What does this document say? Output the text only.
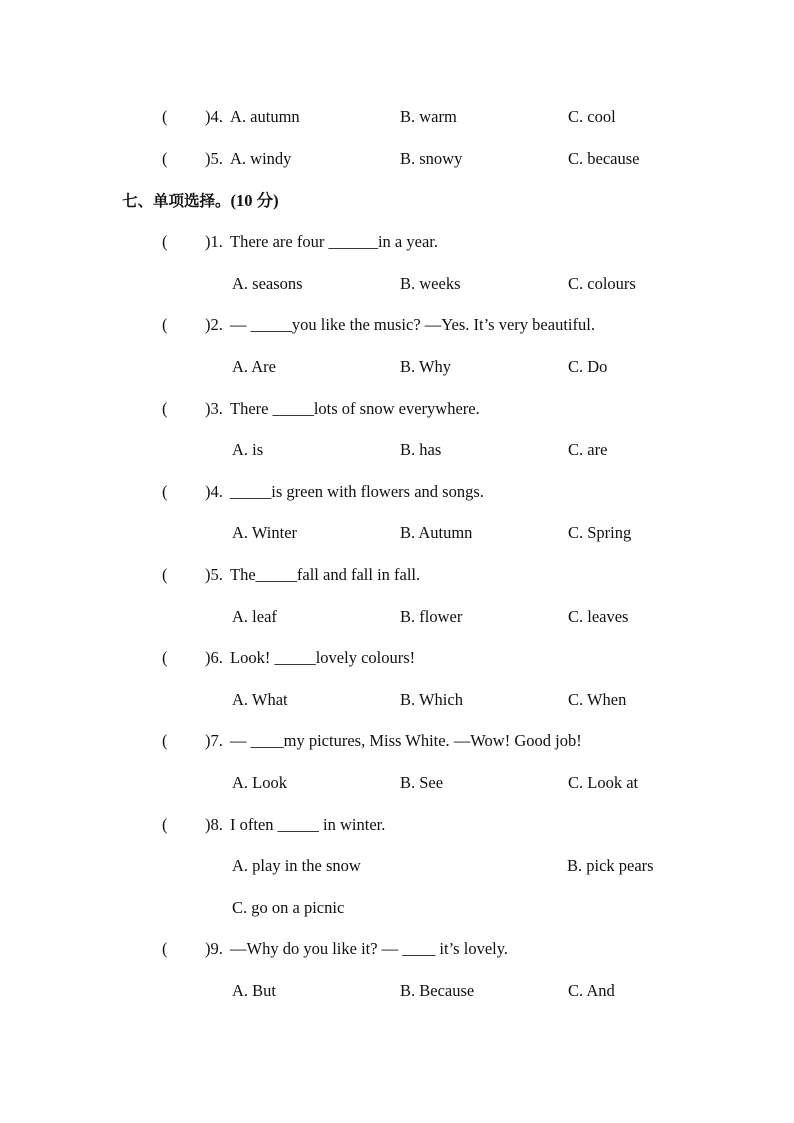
( )4. A. autumn	B. warm	C. cool
( )5. A. windy	B. snowy	C. because
七、单项选择。(10 分)
( )1. There are four ______in a year.
A. seasons	B. weeks	C. colours
( )2. — _____you like the music? —Yes. It’s very beautiful.
A. Are	B. Why	C. Do
( )3. There _____lots of snow everywhere.
A. is	B. has	C. are
( )4. _____is green with flowers and songs.
A. Winter	B. Autumn	C. Spring
( )5. The_____fall and fall in fall.
A. leaf	B. flower	C. leaves
( )6. Look! _____lovely colours!
A. What	B. Which	C. When
( )7. — ____my pictures, Miss White. —Wow! Good job!
A. Look	B. See	C. Look at
( )8. I often _____ in winter.
A. play in the snow	B. pick pears
C. go on a picnic
( )9. —Why do you like it? — ____ it’s lovely.
A. But	B. Because	C. And
